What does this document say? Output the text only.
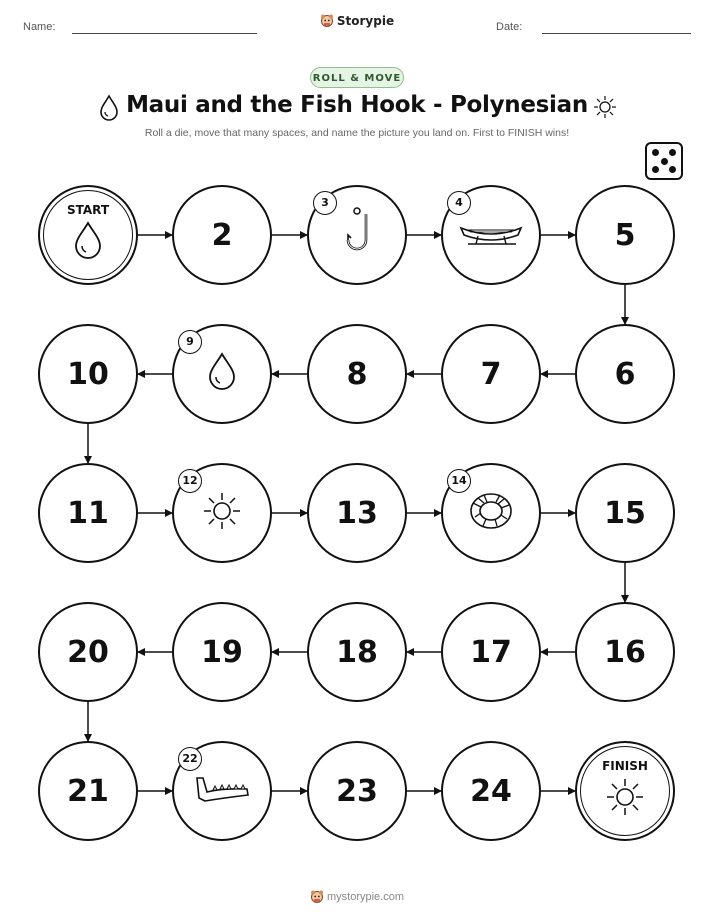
Name:	Storypie	Date:
ROLL & MOVE
Maui and the Fish Hook - Polynesian
Roll a die, move that many spaces, and name the picture you land on. First to FINISH wins!
START
2
3	4
5
6
7
8
9
10
11
12
13
14
15
16
17
18
19
20
21
22
23	24
FINISH
mystorypie.com
